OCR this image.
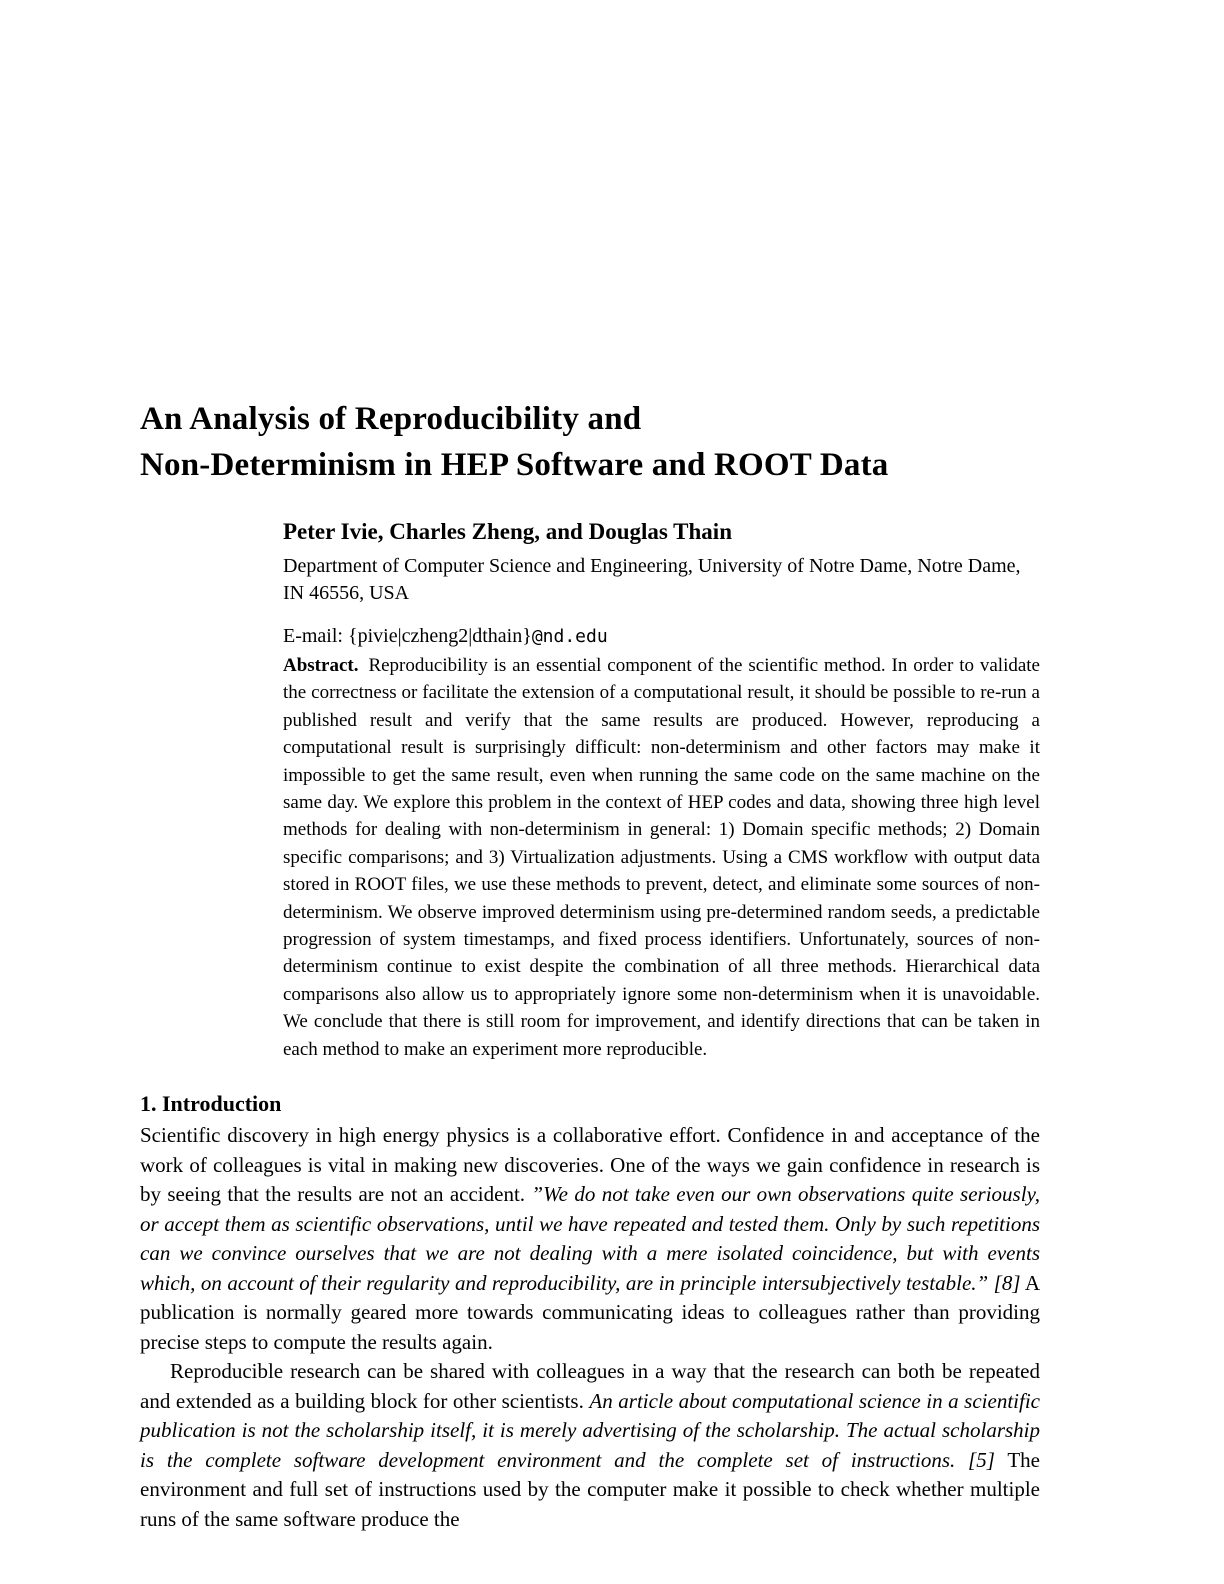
An Analysis of Reproducibility and
Non-Determinism in HEP Software and ROOT Data
Peter Ivie, Charles Zheng, and Douglas Thain
Department of Computer Science and Engineering, University of Notre Dame, Notre Dame, IN 46556, USA
E-mail: {pivie|czheng2|dthain}@nd.edu
Abstract. Reproducibility is an essential component of the scientific method. In order to validate the correctness or facilitate the extension of a computational result, it should be possible to re-run a published result and verify that the same results are produced. However, reproducing a computational result is surprisingly difficult: non-determinism and other factors may make it impossible to get the same result, even when running the same code on the same machine on the same day. We explore this problem in the context of HEP codes and data, showing three high level methods for dealing with non-determinism in general: 1) Domain specific methods; 2) Domain specific comparisons; and 3) Virtualization adjustments. Using a CMS workflow with output data stored in ROOT files, we use these methods to prevent, detect, and eliminate some sources of non-determinism. We observe improved determinism using pre-determined random seeds, a predictable progression of system timestamps, and fixed process identifiers. Unfortunately, sources of non-determinism continue to exist despite the combination of all three methods. Hierarchical data comparisons also allow us to appropriately ignore some non-determinism when it is unavoidable. We conclude that there is still room for improvement, and identify directions that can be taken in each method to make an experiment more reproducible.
1. Introduction

Scientific discovery in high energy physics is a collaborative effort. Confidence in and acceptance of the work of colleagues is vital in making new discoveries. One of the ways we gain confidence in research is by seeing that the results are not an accident. ”We do not take even our own observations quite seriously, or accept them as scientific observations, until we have repeated and tested them. Only by such repetitions can we convince ourselves that we are not dealing with a mere isolated coincidence, but with events which, on account of their regularity and reproducibility, are in principle intersubjectively testable.” [8] A publication is normally geared more towards communicating ideas to colleagues rather than providing precise steps to compute the results again.

Reproducible research can be shared with colleagues in a way that the research can both be repeated and extended as a building block for other scientists. An article about computational science in a scientific publication is not the scholarship itself, it is merely advertising of the scholarship. The actual scholarship is the complete software development environment and the complete set of instructions. [5] The environment and full set of instructions used by the computer make it possible to check whether multiple runs of the same software produce the
